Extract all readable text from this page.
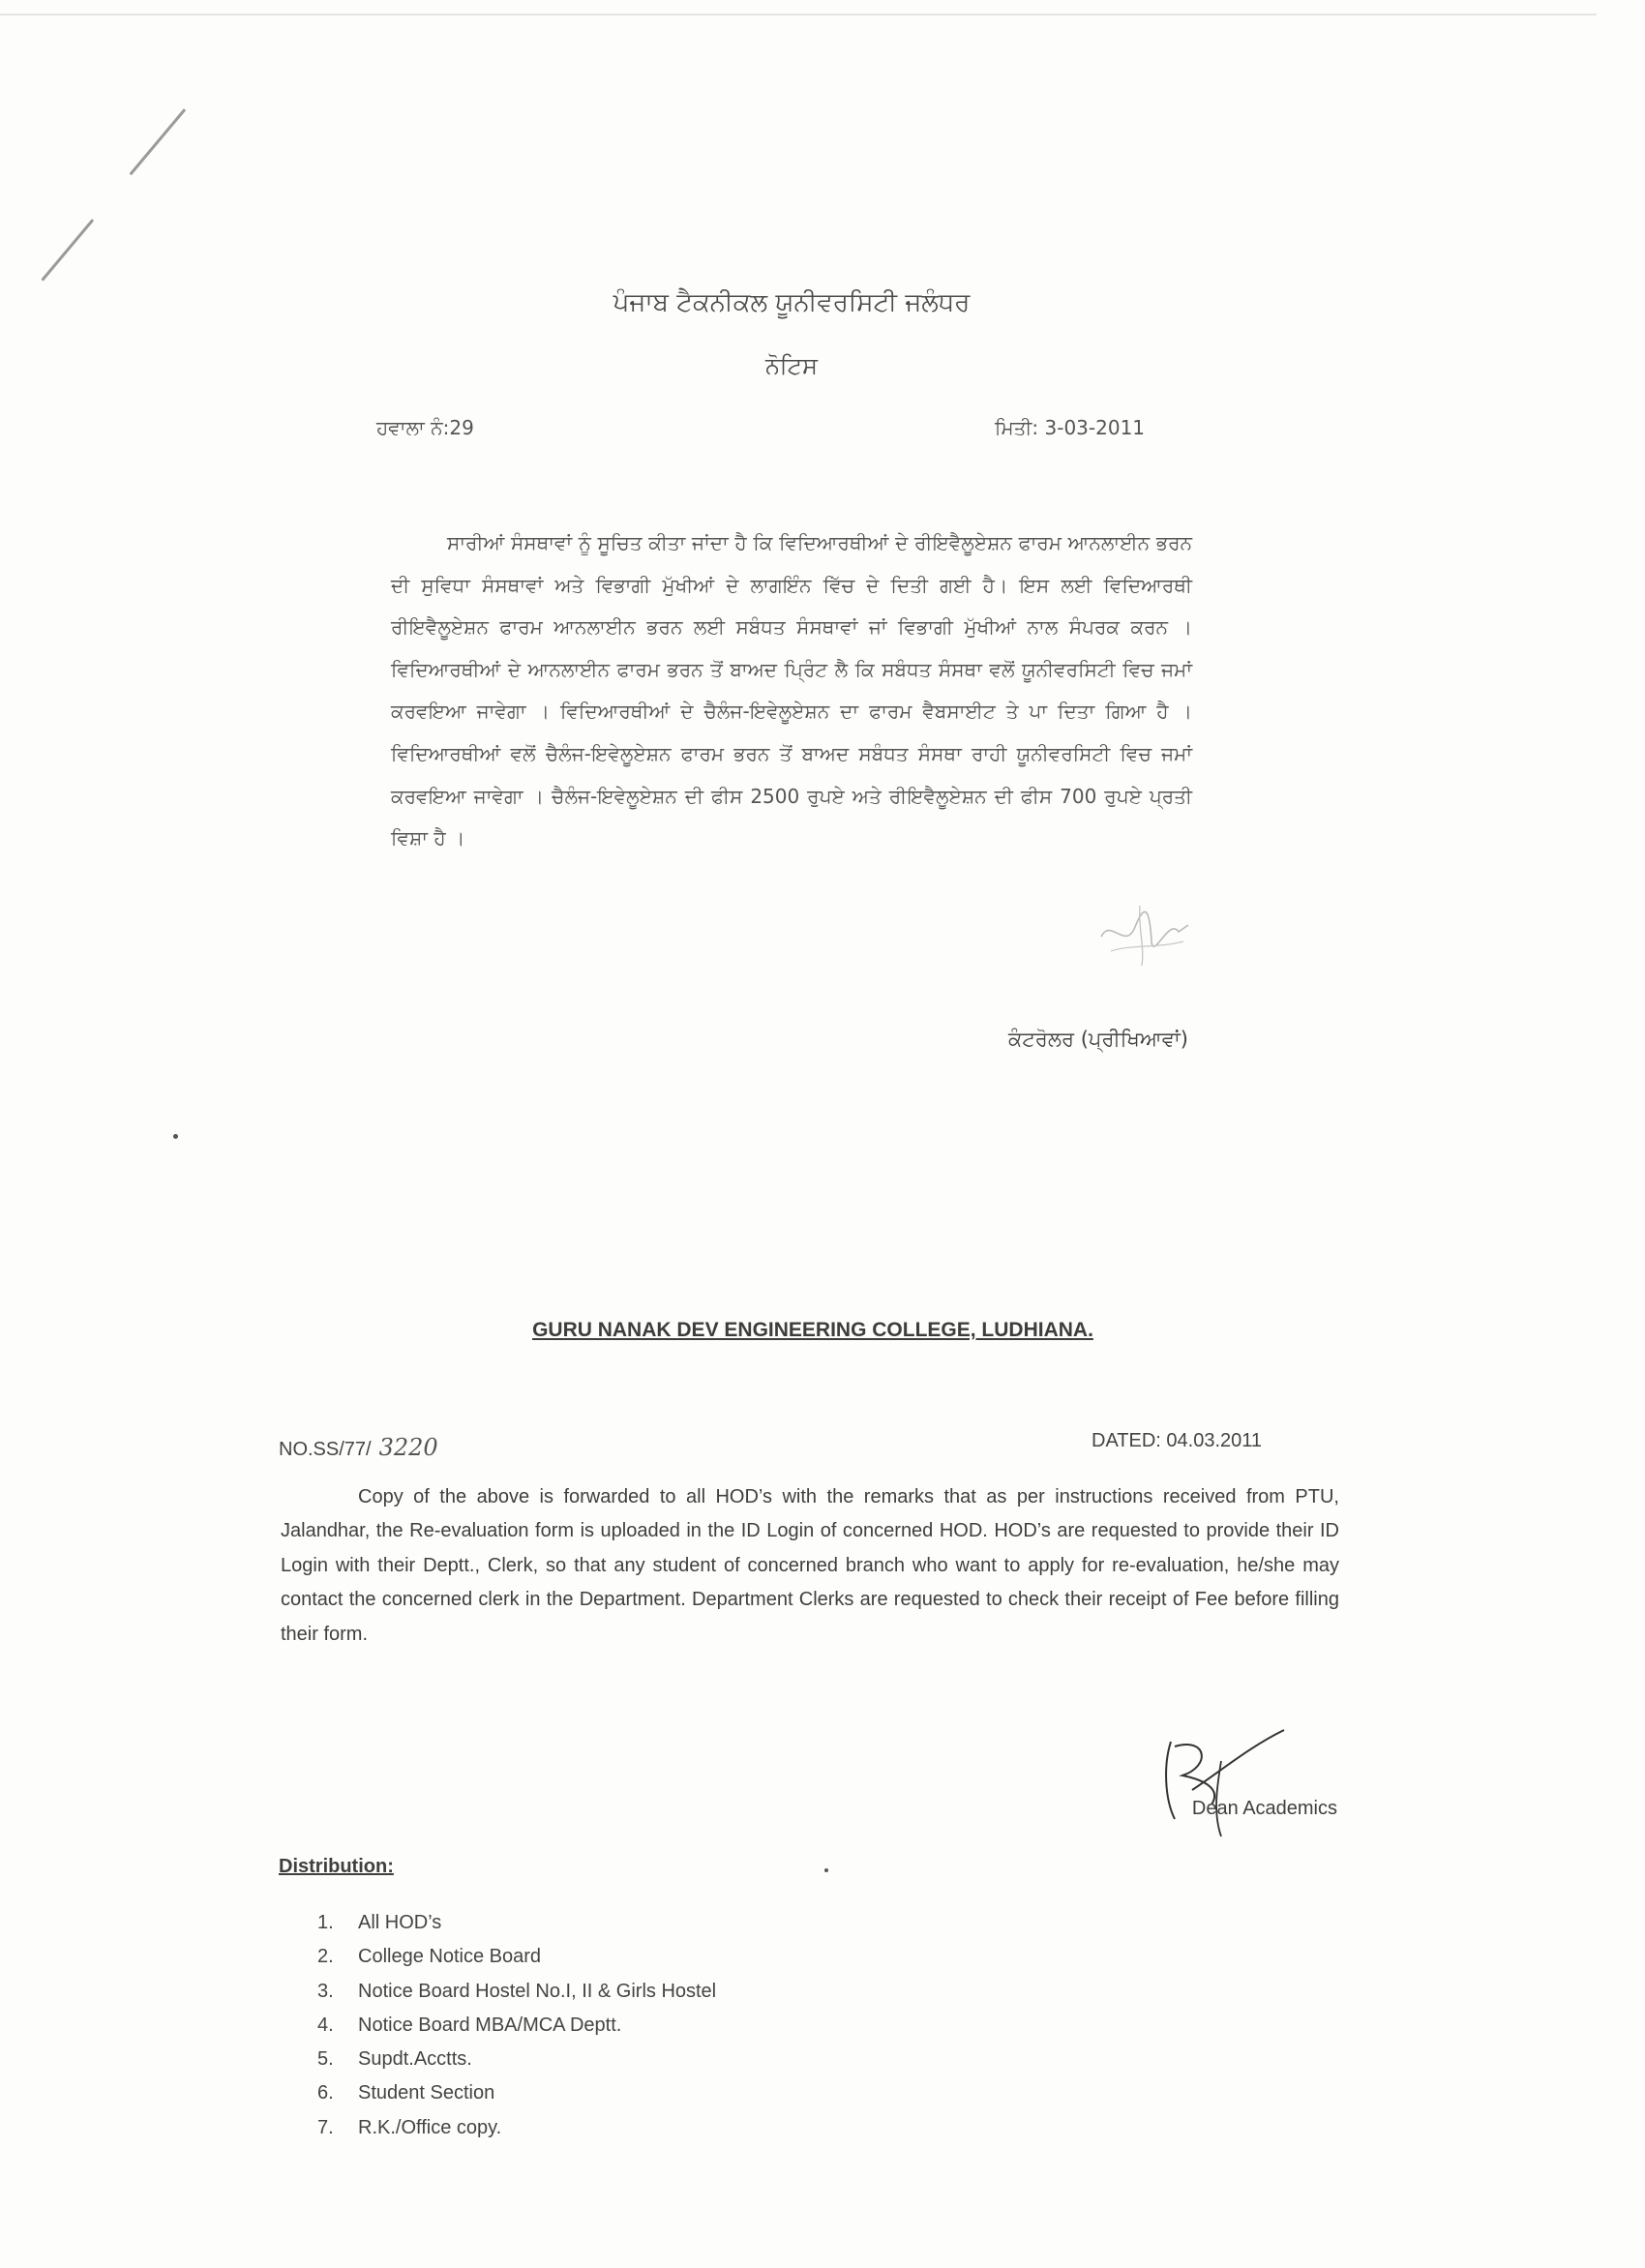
ਪੰਜਾਬ ਟੈਕਨੀਕਲ ਯੂਨੀਵਰਸਿਟੀ ਜਲੰਧਰ
ਨੋਟਿਸ
ਹਵਾਲਾ ਨੰ:29	ਮਿਤੀ: 3-03-2011
ਸਾਰੀਆਂ ਸੰਸਥਾਵਾਂ ਨੂੰ ਸੂਚਿਤ ਕੀਤਾ ਜਾਂਦਾ ਹੈ ਕਿ ਵਿਦਿਆਰਥੀਆਂ ਦੇ ਰੀਇਵੈਲੂਏਸ਼ਨ ਫਾਰਮ ਆਨਲਾਈਨ ਭਰਨ ਦੀ ਸੁਵਿਧਾ ਸੰਸਥਾਵਾਂ ਅਤੇ ਵਿਭਾਗੀ ਮੁੱਖੀਆਂ ਦੇ ਲਾਗਇੰਨ ਵਿੱਚ ਦੇ ਦਿਤੀ ਗਈ ਹੈ। ਇਸ ਲਈ ਵਿਦਿਆਰਥੀ ਰੀਇਵੈਲੂਏਸ਼ਨ ਫਾਰਮ ਆਨਲਾਈਨ ਭਰਨ ਲਈ ਸਬੰਧਤ ਸੰਸਥਾਵਾਂ ਜਾਂ ਵਿਭਾਗੀ ਮੁੱਖੀਆਂ ਨਾਲ ਸੰਪਰਕ ਕਰਨ । ਵਿਦਿਆਰਥੀਆਂ ਦੇ ਆਨਲਾਈਨ ਫਾਰਮ ਭਰਨ ਤੋਂ ਬਾਅਦ ਪ੍ਰਿੰਟ ਲੈ ਕਿ ਸਬੰਧਤ ਸੰਸਥਾ ਵਲੋਂ ਯੂਨੀਵਰਸਿਟੀ ਵਿਚ ਜਮਾਂ ਕਰਵਇਆ ਜਾਵੇਗਾ । ਵਿਦਿਆਰਥੀਆਂ ਦੇ ਚੈਲੰਜ-ਇਵੇਲੂਏਸ਼ਨ ਦਾ ਫਾਰਮ ਵੈਬਸਾਈਟ ਤੇ ਪਾ ਦਿਤਾ ਗਿਆ ਹੈ । ਵਿਦਿਆਰਥੀਆਂ ਵਲੋਂ ਚੈਲੰਜ-ਇਵੇਲੂਏਸ਼ਨ ਫਾਰਮ ਭਰਨ ਤੋਂ ਬਾਅਦ ਸਬੰਧਤ ਸੰਸਥਾ ਰਾਹੀ ਯੂਨੀਵਰਸਿਟੀ ਵਿਚ ਜਮਾਂ ਕਰਵਇਆ ਜਾਵੇਗਾ । ਚੈਲੰਜ-ਇਵੇਲੂਏਸ਼ਨ ਦੀ ਫੀਸ 2500 ਰੁਪਏ ਅਤੇ ਰੀਇਵੈਲੂਏਸ਼ਨ ਦੀ ਫੀਸ 700 ਰੁਪਏ ਪ੍ਰਤੀ ਵਿਸ਼ਾ ਹੈ ।
ਕੰਟਰੋਲਰ (ਪ੍ਰੀਖਿਆਵਾਂ)
GURU NANAK DEV ENGINEERING COLLEGE, LUDHIANA.
NO.SS/77/ 3220	DATED: 04.03.2011
Copy of the above is forwarded to all HOD’s with the remarks that as per instructions received from PTU, Jalandhar, the Re-evaluation form is uploaded in the ID Login of concerned HOD. HOD’s are requested to provide their ID Login with their Deptt., Clerk, so that any student of concerned branch who want to apply for re-evaluation, he/she may contact the concerned clerk in the Department. Department Clerks are requested to check their receipt of Fee before filling their form.
Dean Academics
Distribution:
1. All HOD’s
2. College Notice Board
3. Notice Board Hostel No.I, II & Girls Hostel
4. Notice Board MBA/MCA Deptt.
5. Supdt.Acctts.
6. Student Section
7. R.K./Office copy.
